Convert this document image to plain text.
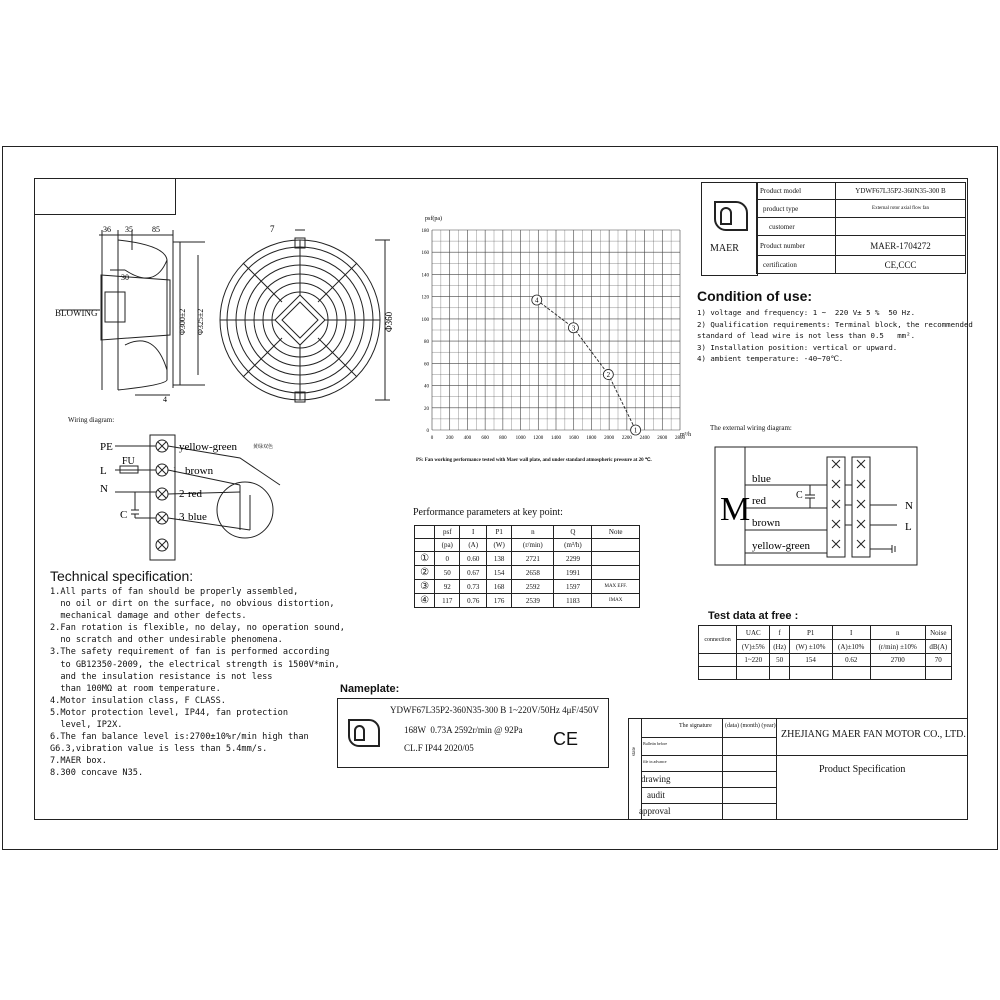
36 35 85
30
4
Φ300±2 Φ325±2
BLOWING
7
Φ360
Wiring diagram:
PE
L
FU
N
C
yellow-green	黄绿双色
1 brown
2 red
3 blue
Technical specification:
1.All parts of fan should be properly assembled,
no oil or dirt on the surface, no obvious distortion,
mechanical damage and other defects.
2.Fan rotation is flexible, no delay, no operation sound,
no scratch and other undesirable phenomena.
3.The safety requirement of fan is performed according
to GB12350-2009, the electrical strength is 1500V*min,
and the insulation resistance is not less
than 100MΩ at room temperature.
4.Motor insulation class, F CLASS.
5.Motor protection level, IP44, fan protection
level, IP2X.
6.The fan balance level is:2700±10%r/min high than
G6.3,vibration value is less than 5.4mm/s.
7.MAER box.
8.300 concave N35.
psf(pa)
m³/h
0	200 400 600 800 1000 1200 1400 1600 1800 2000 2200 2400 2600 2800
0
20
40
60
80
100
120
140
160
180
4
3
2
1
PS: Fan working performance tested with Maer wall plate, and under standard atmospheric pressure at 20 ℃.
Performance parameters at key point:
	psf	I	P1	n	Q	Note
	(pa)	(A)	(W)	(r/min)	(m³/h)	
①	0	0.60	138	2721	2299	
②	50	0.67	154	2658	1991	
③	92	0.73	168	2592	1597	MAX EFF.
④	117	0.76	176	2539	1183	IMAX
MAER
Product model	YDWF67L35P2-360N35-300 B
product type	External rotor axial flow fan
customer	
Product number	MAER-1704272
certification	CE,CCC
Condition of use:
1) voltage and frequency: 1 ~  220 V± 5 %  50 Hz.
2) Qualification requirements: Terminal block, the recommended
standard of lead wire is not less than 0.5   mm².
3) Installation position: vertical or upward.
4) ambient temperature: -40~70℃.
The external wiring diagram:
M
blue
red	C
brown
yellow-green
N
L
Test data at free :
connection	UAC	f	P1	I	n	Noise
	(V)±5%	(Hz)	(W) ±10%	(A)±10%	(r/min) ±10%	dB(A)
	1~220	50	154	0.62	2700	70

Nameplate:
YDWF67L35P2-360N35-300 B 1~220V/50Hz 4μF/450V
168W  0.73A 2592r/min @ 92Pa
CL.F IP44 2020/05	CE
state
Bulletin before
file in advance
The signature (data) (month) (year)
drawing
audit
approval
ZHEJIANG MAER FAN MOTOR CO., LTD.
Product Specification
